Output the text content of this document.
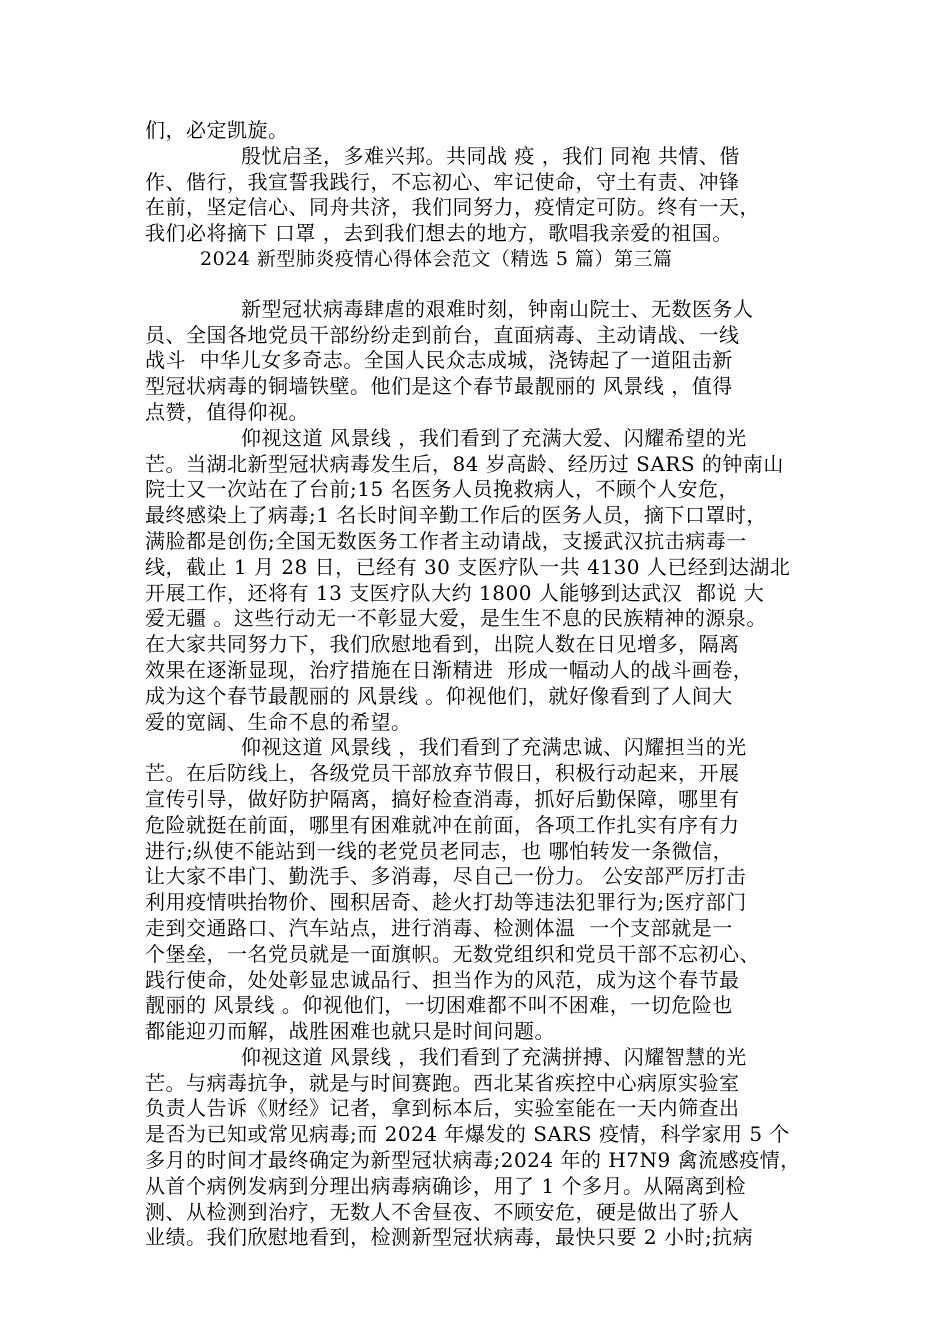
们，必定凯旋。
殷忧启圣，多难兴邦。共同战 疫 ，我们 同袍 共情、偕
作、偕行，我宣誓我践行，不忘初心、牢记使命，守土有责、冲锋
在前，坚定信心、同舟共济，我们同努力，疫情定可防。终有一天，
我们必将摘下 口罩 ，去到我们想去的地方，歌唱我亲爱的祖国。
2024 新型肺炎疫情心得体会范文（精选 5 篇）第三篇
新型冠状病毒肆虐的艰难时刻，钟南山院士、无数医务人
员、全国各地党员干部纷纷走到前台，直面病毒、主动请战、一线
战斗  中华儿女多奇志。全国人民众志成城，浇铸起了一道阻击新
型冠状病毒的铜墙铁壁。他们是这个春节最靓丽的 风景线 ，值得
点赞，值得仰视。
仰视这道 风景线 ，我们看到了充满大爱、闪耀希望的光
芒。当湖北新型冠状病毒发生后，84 岁高龄、经历过 SARS 的钟南山
院士又一次站在了台前;15 名医务人员挽救病人，不顾个人安危，
最终感染上了病毒;1 名长时间辛勤工作后的医务人员，摘下口罩时，
满脸都是创伤;全国无数医务工作者主动请战，支援武汉抗击病毒一
线，截止 1 月 28 日，已经有 30 支医疗队一共 4130 人已经到达湖北
开展工作，还将有 13 支医疗队大约 1800 人能够到达武汉  都说 大
爱无疆 。这些行动无一不彰显大爱，是生生不息的民族精神的源泉。
在大家共同努力下，我们欣慰地看到，出院人数在日见增多，隔离
效果在逐渐显现，治疗措施在日渐精进  形成一幅动人的战斗画卷，
成为这个春节最靓丽的 风景线 。仰视他们，就好像看到了人间大
爱的宽阔、生命不息的希望。
仰视这道 风景线 ，我们看到了充满忠诚、闪耀担当的光
芒。在后防线上，各级党员干部放弃节假日，积极行动起来，开展
宣传引导，做好防护隔离，搞好检查消毒，抓好后勤保障，哪里有
危险就挺在前面，哪里有困难就冲在前面，各项工作扎实有序有力
进行;纵使不能站到一线的老党员老同志，也 哪怕转发一条微信，
让大家不串门、勤洗手、多消毒，尽自己一份力。 公安部严厉打击
利用疫情哄抬物价、囤积居奇、趁火打劫等违法犯罪行为;医疗部门
走到交通路口、汽车站点，进行消毒、检测体温  一个支部就是一
个堡垒，一名党员就是一面旗帜。无数党组织和党员干部不忘初心、
践行使命，处处彰显忠诚品行、担当作为的风范，成为这个春节最
靓丽的 风景线 。仰视他们，一切困难都不叫不困难，一切危险也
都能迎刃而解，战胜困难也就只是时间问题。
仰视这道 风景线 ，我们看到了充满拼搏、闪耀智慧的光
芒。与病毒抗争，就是与时间赛跑。西北某省疾控中心病原实验室
负责人告诉《财经》记者，拿到标本后，实验室能在一天内筛查出
是否为已知或常见病毒;而 2024 年爆发的 SARS 疫情，科学家用 5 个
多月的时间才最终确定为新型冠状病毒;2024 年的 H7N9 禽流感疫情，
从首个病例发病到分理出病毒病确诊，用了 1 个多月。从隔离到检
测、从检测到治疗，无数人不舍昼夜、不顾安危，硬是做出了骄人
业绩。我们欣慰地看到，检测新型冠状病毒，最快只要 2 小时;抗病
